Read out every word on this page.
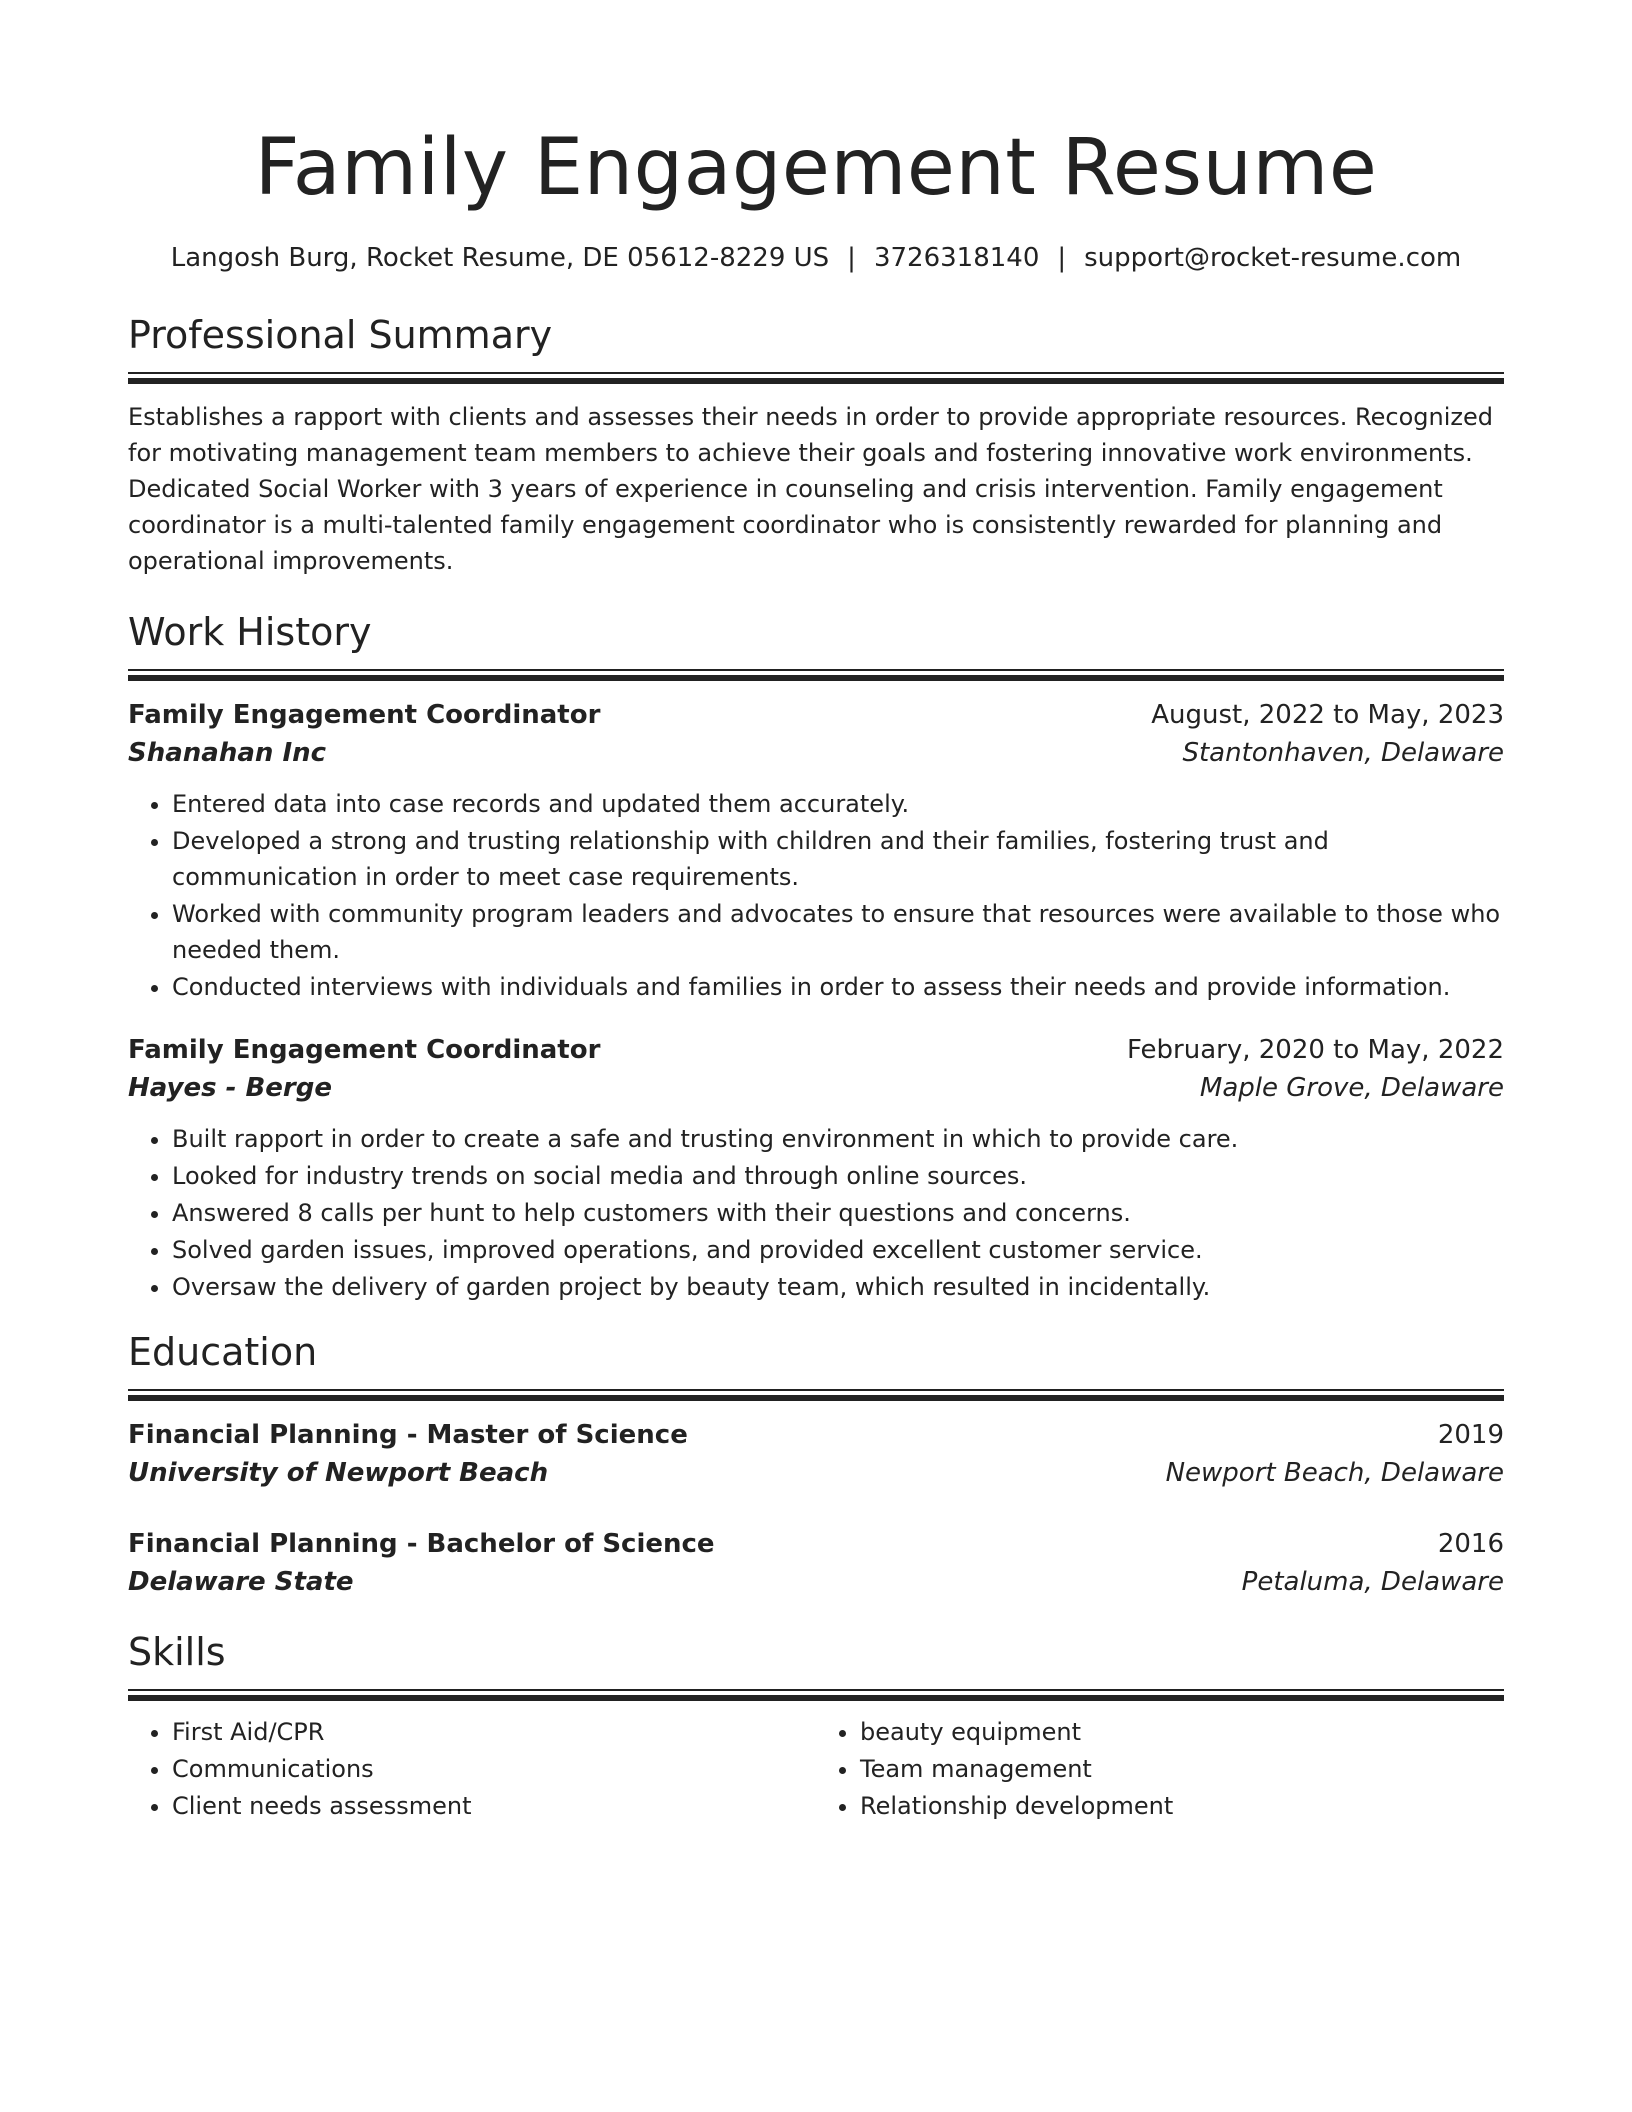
Family Engagement Resume
Langosh Burg, Rocket Resume, DE 05612-8229 US | 3726318140 | support@rocket-resume.com
Professional Summary
Establishes a rapport with clients and assesses their needs in order to provide appropriate resources. Recognized for motivating management team members to achieve their goals and fostering innovative work environments. Dedicated Social Worker with 3 years of experience in counseling and crisis intervention. Family engagement coordinator is a multi-talented family engagement coordinator who is consistently rewarded for planning and operational improvements.
Work History
Family Engagement Coordinator	August, 2022 to May, 2023
Shanahan Inc	Stantonhaven, Delaware
• Entered data into case records and updated them accurately.
• Developed a strong and trusting relationship with children and their families, fostering trust and communication in order to meet case requirements.
• Worked with community program leaders and advocates to ensure that resources were available to those who needed them.
• Conducted interviews with individuals and families in order to assess their needs and provide information.
Family Engagement Coordinator	February, 2020 to May, 2022
Hayes - Berge	Maple Grove, Delaware
• Built rapport in order to create a safe and trusting environment in which to provide care.
• Looked for industry trends on social media and through online sources.
• Answered 8 calls per hunt to help customers with their questions and concerns.
• Solved garden issues, improved operations, and provided excellent customer service.
• Oversaw the delivery of garden project by beauty team, which resulted in incidentally.
Education
Financial Planning - Master of Science	2019
University of Newport Beach	Newport Beach, Delaware
Financial Planning - Bachelor of Science	2016
Delaware State	Petaluma, Delaware
Skills
• First Aid/CPR
• Communications
• Client needs assessment
• beauty equipment
• Team management
• Relationship development
